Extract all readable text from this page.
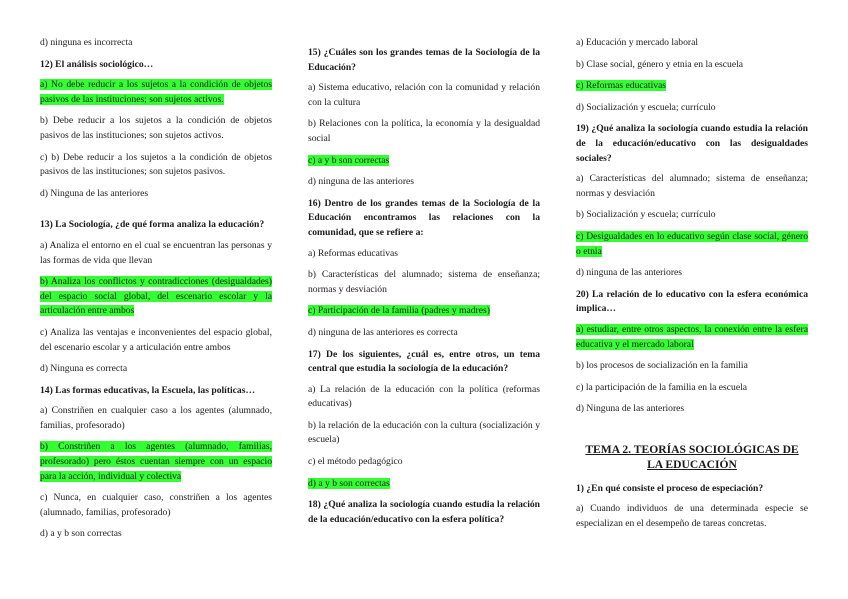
d) ninguna es incorrecta

12) El análisis sociológico…

a) No debe reducir a los sujetos a la condición de objetos pasivos de las instituciones; son sujetos activos.

b) Debe reducir a los sujetos a la condición de objetos pasivos de las instituciones; son sujetos activos.

c) b) Debe reducir a los sujetos a la condición de objetos pasivos de las instituciones; son sujetos pasivos.

d) Ninguna de las anteriores

13) La Sociología, ¿de qué forma analiza la educación?

a) Analiza el entorno en el cual se encuentran las personas y las formas de vida que llevan

b) Analiza los conflictos y contradicciones (desigualdades) del espacio social global, del escenario escolar y la articulación entre ambos

c) Analiza las ventajas e inconvenientes del espacio global, del escenario escolar y a articulación entre ambos

d) Ninguna es correcta

14) Las formas educativas, la Escuela, las políticas…

a) Constriñen en cualquier caso a los agentes (alumnado, familias, profesorado)

b) Constriñen a los agentes (alumnado, familias, profesorado) pero éstos cuentan siempre con un espacio para la acción, individual y colectiva

c) Nunca, en cualquier caso, constriñen a los agentes (alumnado, familias, profesorado)

d) a y b son correctas

15) ¿Cuáles son los grandes temas de la Sociología de la Educación?

a) Sistema educativo, relación con la comunidad y relación con la cultura

b) Relaciones con la política, la economía y la desigualdad social

c) a y b son correctas

d) ninguna de las anteriores

16) Dentro de los grandes temas de la Sociología de la Educación encontramos las relaciones con la comunidad, que se refiere a:

a) Reformas educativas

b) Características del alumnado; sistema de enseñanza; normas y desviación

c) Participación de la familia (padres y madres)

d) ninguna de las anteriores es correcta

17) De los siguientes, ¿cuál es, entre otros, un tema central que estudia la sociología de la educación?

a) La relación de la educación con la política (reformas educativas)

b) la relación de la educación con la cultura (socialización y escuela)

c) el método pedagógico

d) a y b son correctas

18) ¿Qué analiza la sociología cuando estudia la relación de la educación/educativo con la esfera política?

a) Educación y mercado laboral

b) Clase social, género y etnia en la escuela

c) Reformas educativas

d) Socialización y escuela; currículo

19) ¿Qué analiza la sociología cuando estudia la relación de la educación/educativo con las desigualdades sociales?

a) Características del alumnado; sistema de enseñanza; normas y desviación

b) Socialización y escuela; currículo

c) Desigualdades en lo educativo según clase social, género o etnia

d) ninguna de las anteriores

20) La relación de lo educativo con la esfera económica implica…

a) estudiar, entre otros aspectos, la conexión entre la esfera educativa y el mercado laboral

b) los procesos de socialización en la familia

c) la participación de la familia en la escuela

d) Ninguna de las anteriores

TEMA 2. TEORÍAS SOCIOLÓGICAS DE LA EDUCACIÓN

1) ¿En qué consiste el proceso de especiación?

a) Cuando individuos de una determinada especie se especializan en el desempeño de tareas concretas.
